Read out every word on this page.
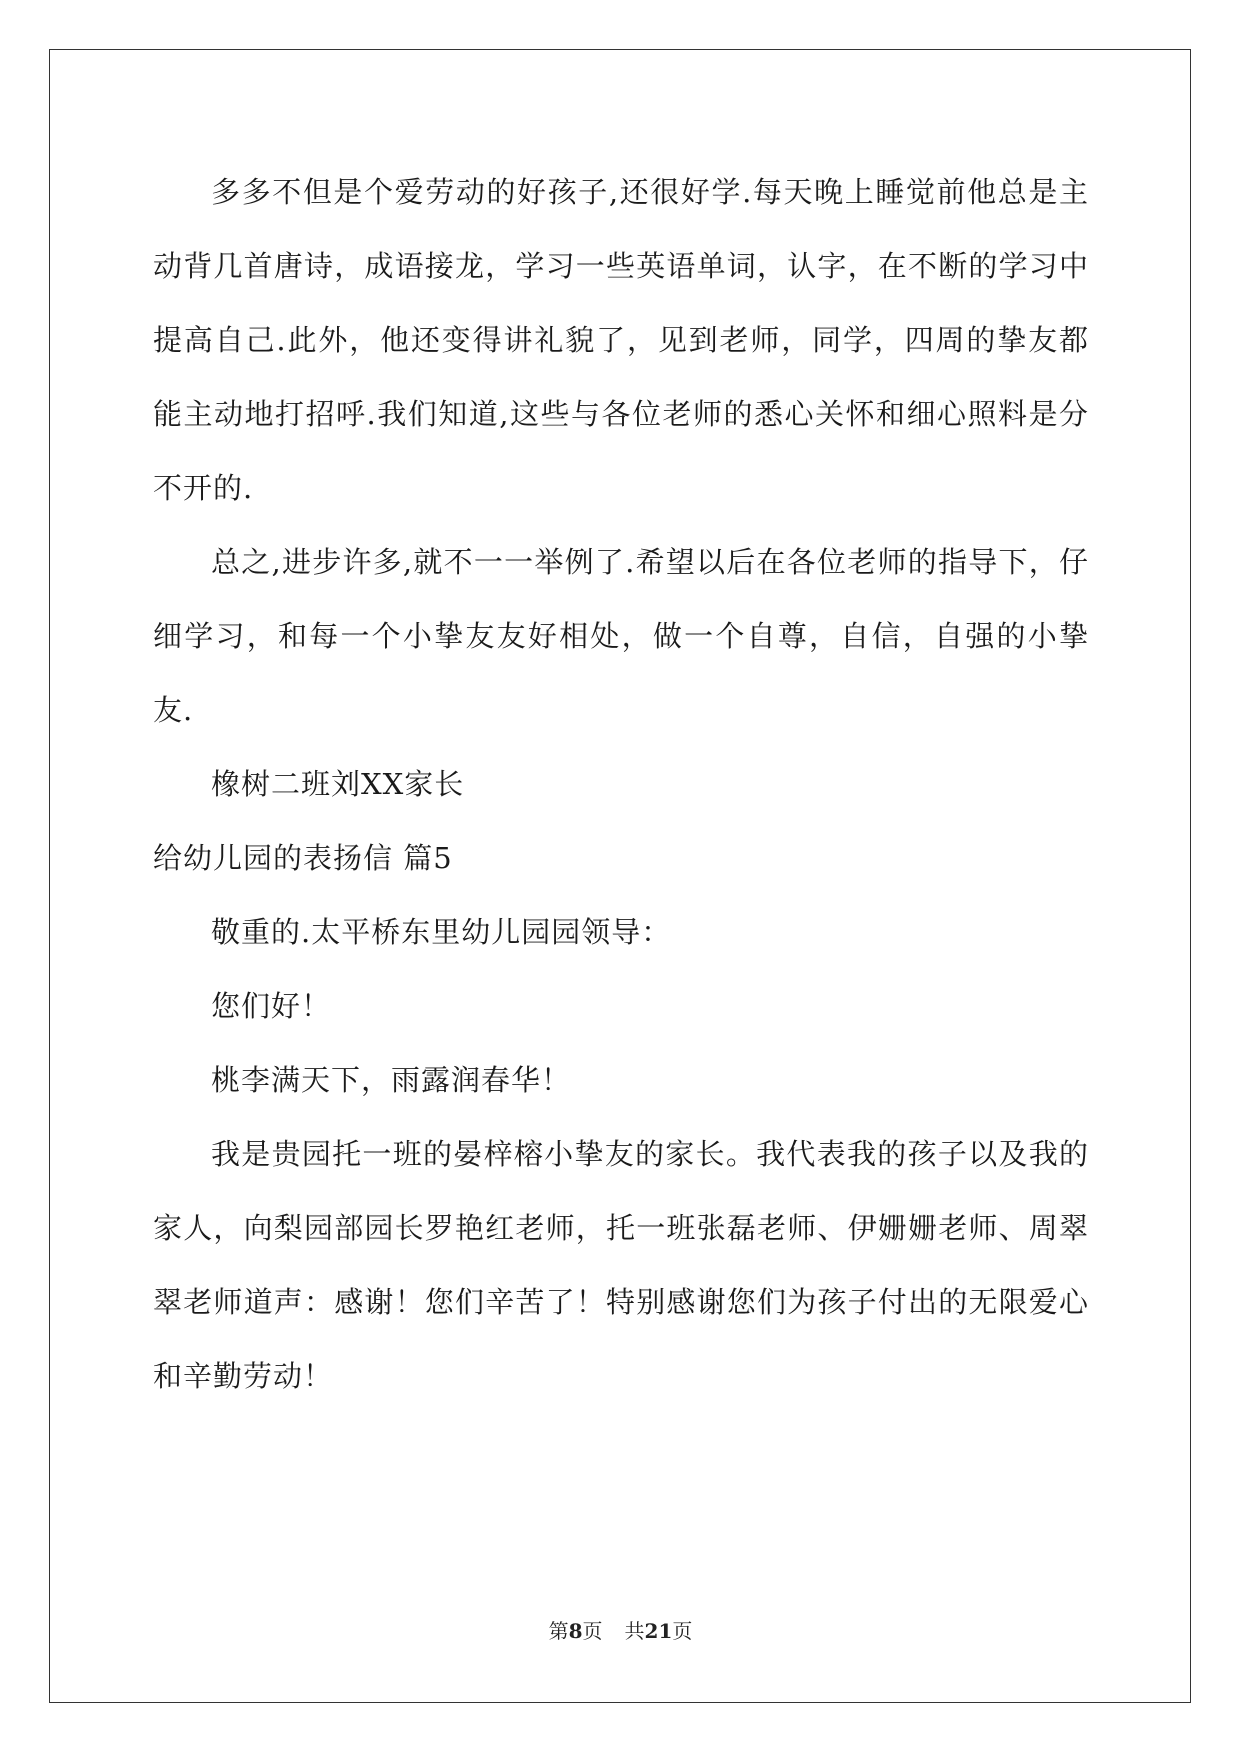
多多不但是个爱劳动的好孩子,还很好学.每天晚上睡觉前他总是主动背几首唐诗，成语接龙，学习一些英语单词，认字，在不断的学习中提高自己.此外，他还变得讲礼貌了，见到老师，同学，四周的挚友都能主动地打招呼.我们知道,这些与各位老师的悉心关怀和细心照料是分不开的.

总之,进步许多,就不一一举例了.希望以后在各位老师的指导下，仔细学习，和每一个小挚友友好相处，做一个自尊，自信，自强的小挚友.

橡树二班刘XX家长

给幼儿园的表扬信 篇5

敬重的.太平桥东里幼儿园园领导：

您们好！

桃李满天下，雨露润春华！

我是贵园托一班的晏梓榕小挚友的家长。我代表我的孩子以及我的家人，向梨园部园长罗艳红老师，托一班张磊老师、伊姗姗老师、周翠翠老师道声：感谢！您们辛苦了！特别感谢您们为孩子付出的无限爱心和辛勤劳动！

第8页 共21页
